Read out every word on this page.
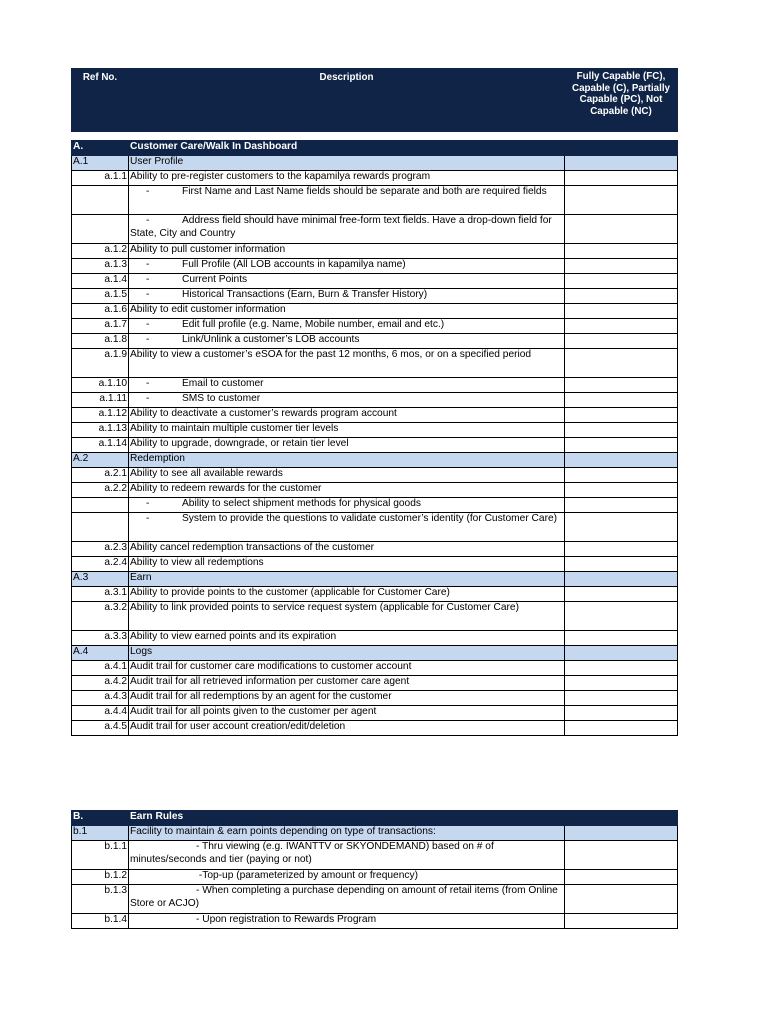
Ref No.	Description	Fully Capable (FC), Capable (C), Partially Capable (PC), Not Capable (NC)
A.	Customer Care/Walk In Dashboard	
A.1	User Profile	
a.1.1	Ability to pre-register customers to the kapamilya rewards program	
	- First Name and Last Name fields should be separate and both are required fields	
	- Address field should have minimal free-form text fields. Have a drop-down field for State, City and Country	
a.1.2	Ability to pull customer information	
a.1.3	- Full Profile (All LOB accounts in kapamilya name)	
a.1.4	- Current Points	
a.1.5	- Historical Transactions (Earn, Burn & Transfer History)	
a.1.6	Ability to edit customer information	
a.1.7	- Edit full profile (e.g. Name, Mobile number, email and etc.)	
a.1.8	- Link/Unlink a customer’s LOB accounts	
a.1.9	Ability to view a customer’s eSOA for the past 12 months, 6 mos, or on a specified period	
a.1.10	- Email to customer	
a.1.11	- SMS to customer	
a.1.12	Ability to deactivate a customer’s rewards program account	
a.1.13	Ability to maintain multiple customer tier levels	
a.1.14	Ability to upgrade, downgrade, or retain tier level	
A.2	Redemption	
a.2.1	Ability to see all available rewards	
a.2.2	Ability to redeem rewards for the customer	
	- Ability to select shipment methods for physical goods	
	- System to provide the questions to validate customer’s identity (for Customer Care)	
a.2.3	Ability cancel redemption transactions of the customer	
a.2.4	Ability to view all redemptions	
A.3	Earn	
a.3.1	Ability to provide points to the customer (applicable for Customer Care)	
a.3.2	Ability to link provided points to service request system (applicable for Customer Care)	
a.3.3	Ability to view earned points and its expiration	
A.4	Logs	
a.4.1	Audit trail for customer care modifications to customer account	
a.4.2	Audit trail for all retrieved information per customer care agent	
a.4.3	Audit trail for all redemptions by an agent for the customer	
a.4.4	Audit trail for all points given to the customer per agent	
a.4.5	Audit trail for user account creation/edit/deletion	
B.	Earn Rules	
b.1	Facility to maintain & earn points depending on type of transactions:	
b.1.1	- Thru viewing (e.g. IWANTTV or SKYONDEMAND) based on # of minutes/seconds and tier (paying or not)	
b.1.2	-Top-up (parameterized by amount or frequency)	
b.1.3	- When completing a purchase depending on amount of retail items (from Online Store or ACJO)	
b.1.4	- Upon registration to Rewards Program	
